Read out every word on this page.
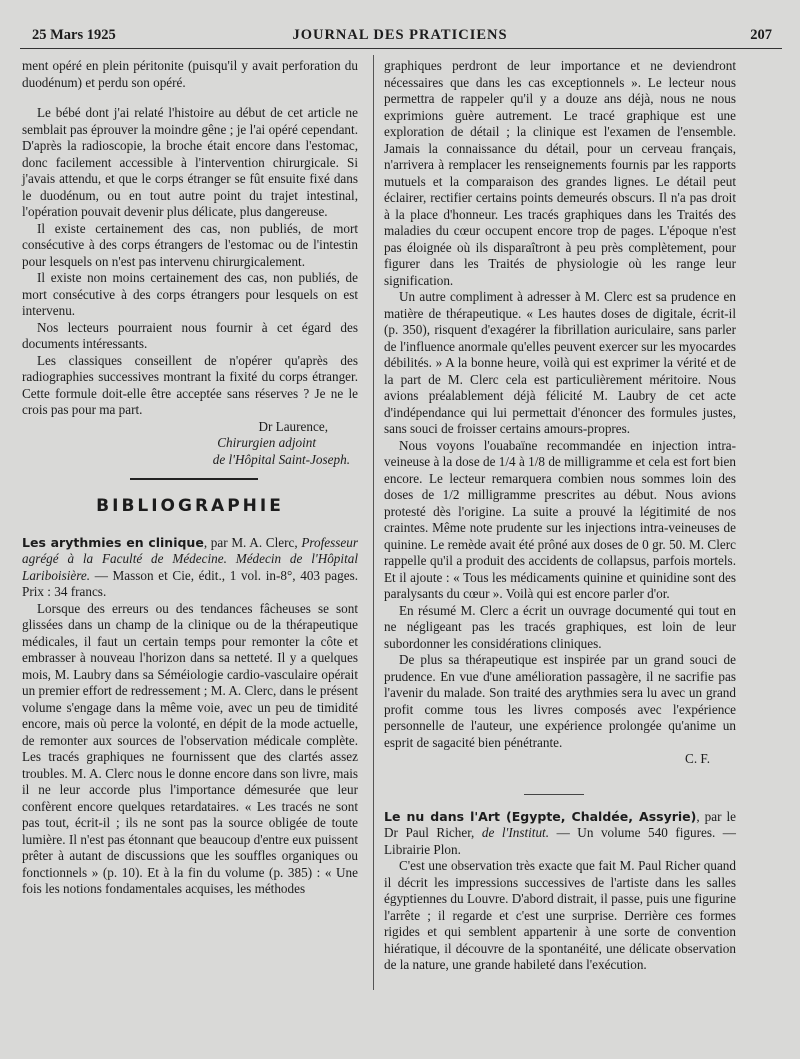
25 Mars 1925	JOURNAL DES PRATICIENS	207

ment opéré en plein péritonite (puisqu'il y avait perforation du duodénum) et perdu son opéré.

Le bébé dont j'ai relaté l'histoire au début de cet article ne semblait pas éprouver la moindre gêne ; je l'ai opéré cependant. D'après la radioscopie, la broche était encore dans l'estomac, donc facilement accessible à l'intervention chirurgicale. Si j'avais attendu, et que le corps étranger se fût ensuite fixé dans le duodénum, ou en tout autre point du trajet intestinal, l'opération pouvait devenir plus délicate, plus dangereuse.

Il existe certainement des cas, non publiés, de mort consécutive à des corps étrangers de l'estomac ou de l'intestin pour lesquels on n'est pas intervenu chirurgicalement.

Il existe non moins certainement des cas, non publiés, de mort consécutive à des corps étrangers pour lesquels on est intervenu.

Nos lecteurs pourraient nous fournir à cet égard des documents intéressants.

Les classiques conseillent de n'opérer qu'après des radiographies successives montrant la fixité du corps étranger. Cette formule doit-elle être acceptée sans réserves ? Je ne le crois pas pour ma part.

Dr Laurence,

Chirurgien adjoint

de l'Hôpital Saint-Joseph.

BIBLIOGRAPHIE

Les arythmies en clinique, par M. A. Clerc, Professeur agrégé à la Faculté de Médecine. Médecin de l'Hôpital Lariboisière. — Masson et Cie, édit., 1 vol. in-8°, 403 pages. Prix : 34 francs.

Lorsque des erreurs ou des tendances fâcheuses se sont glissées dans un champ de la clinique ou de la thérapeutique médicales, il faut un certain temps pour remonter la côte et embrasser à nouveau l'horizon dans sa netteté. Il y a quelques mois, M. Laubry dans sa Séméiologie cardio-vasculaire opérait un premier effort de redressement ; M. A. Clerc, dans le présent volume s'engage dans la même voie, avec un peu de timidité encore, mais où perce la volonté, en dépit de la mode actuelle, de remonter aux sources de l'observation médicale complète. Les tracés graphiques ne fournissent que des clartés assez troubles. M. A. Clerc nous le donne encore dans son livre, mais il ne leur accorde plus l'importance démesurée que leur confèrent encore quelques retardataires. « Les tracés ne sont pas tout, écrit-il ; ils ne sont pas la source obligée de toute lumière. Il n'est pas étonnant que beaucoup d'entre eux puissent prêter à autant de discussions que les souffles organiques ou fonctionnels » (p. 10). Et à la fin du volume (p. 385) : « Une fois les notions fondamentales acquises, les méthodes

graphiques perdront de leur importance et ne deviendront nécessaires que dans les cas exceptionnels ». Le lecteur nous permettra de rappeler qu'il y a douze ans déjà, nous ne nous exprimions guère autrement. Le tracé graphique est une exploration de détail ; la clinique est l'examen de l'ensemble. Jamais la connaissance du détail, pour un cerveau français, n'arrivera à remplacer les renseignements fournis par les rapports mutuels et la comparaison des grandes lignes. Le détail peut éclairer, rectifier certains points demeurés obscurs. Il n'a pas droit à la place d'honneur. Les tracés graphiques dans les Traités des maladies du cœur occupent encore trop de pages. L'époque n'est pas éloignée où ils disparaîtront à peu près complètement, pour figurer dans les Traités de physiologie où les range leur signification.

Un autre compliment à adresser à M. Clerc est sa prudence en matière de thérapeutique. « Les hautes doses de digitale, écrit-il (p. 350), risquent d'exagérer la fibrillation auriculaire, sans parler de l'influence anormale qu'elles peuvent exercer sur les myocardes débilités. » A la bonne heure, voilà qui est exprimer la vérité et de la part de M. Clerc cela est particulièrement méritoire. Nous avions préalablement déjà félicité M. Laubry de cet acte d'indépendance qui lui permettait d'énoncer des formules justes, sans souci de froisser certains amours-propres.

Nous voyons l'ouabaïne recommandée en injection intra-veineuse à la dose de 1/4 à 1/8 de milligramme et cela est fort bien encore. Le lecteur remarquera combien nous sommes loin des doses de 1/2 milligramme prescrites au début. Nous avions protesté dès l'origine. La suite a prouvé la légitimité de nos craintes. Même note prudente sur les injections intra-veineuses de quinine. Le remède avait été prôné aux doses de 0 gr. 50. M. Clerc rappelle qu'il a produit des accidents de collapsus, parfois mortels. Et il ajoute : « Tous les médicaments quinine et quinidine sont des paralysants du cœur ». Voilà qui est encore parler d'or.

En résumé M. Clerc a écrit un ouvrage documenté qui tout en ne négligeant pas les tracés graphiques, est loin de leur subordonner les considérations cliniques.

De plus sa thérapeutique est inspirée par un grand souci de prudence. En vue d'une amélioration passagère, il ne sacrifie pas l'avenir du malade. Son traité des arythmies sera lu avec un grand profit comme tous les livres composés avec l'expérience personnelle de l'auteur, une expérience prolongée qu'anime un esprit de sagacité bien pénétrante.

C. F.

Le nu dans l'Art (Egypte, Chaldée, Assyrie), par le Dr Paul Richer, de l'Institut. — Un volume 540 figures. — Librairie Plon.

C'est une observation très exacte que fait M. Paul Richer quand il décrit les impressions successives de l'artiste dans les salles égyptiennes du Louvre. D'abord distrait, il passe, puis une figurine l'arrête ; il regarde et c'est une surprise. Derrière ces formes rigides et qui semblent appartenir à une sorte de convention hiératique, il découvre de la spontanéité, une délicate observation de la nature, une grande habileté dans l'exécution.
